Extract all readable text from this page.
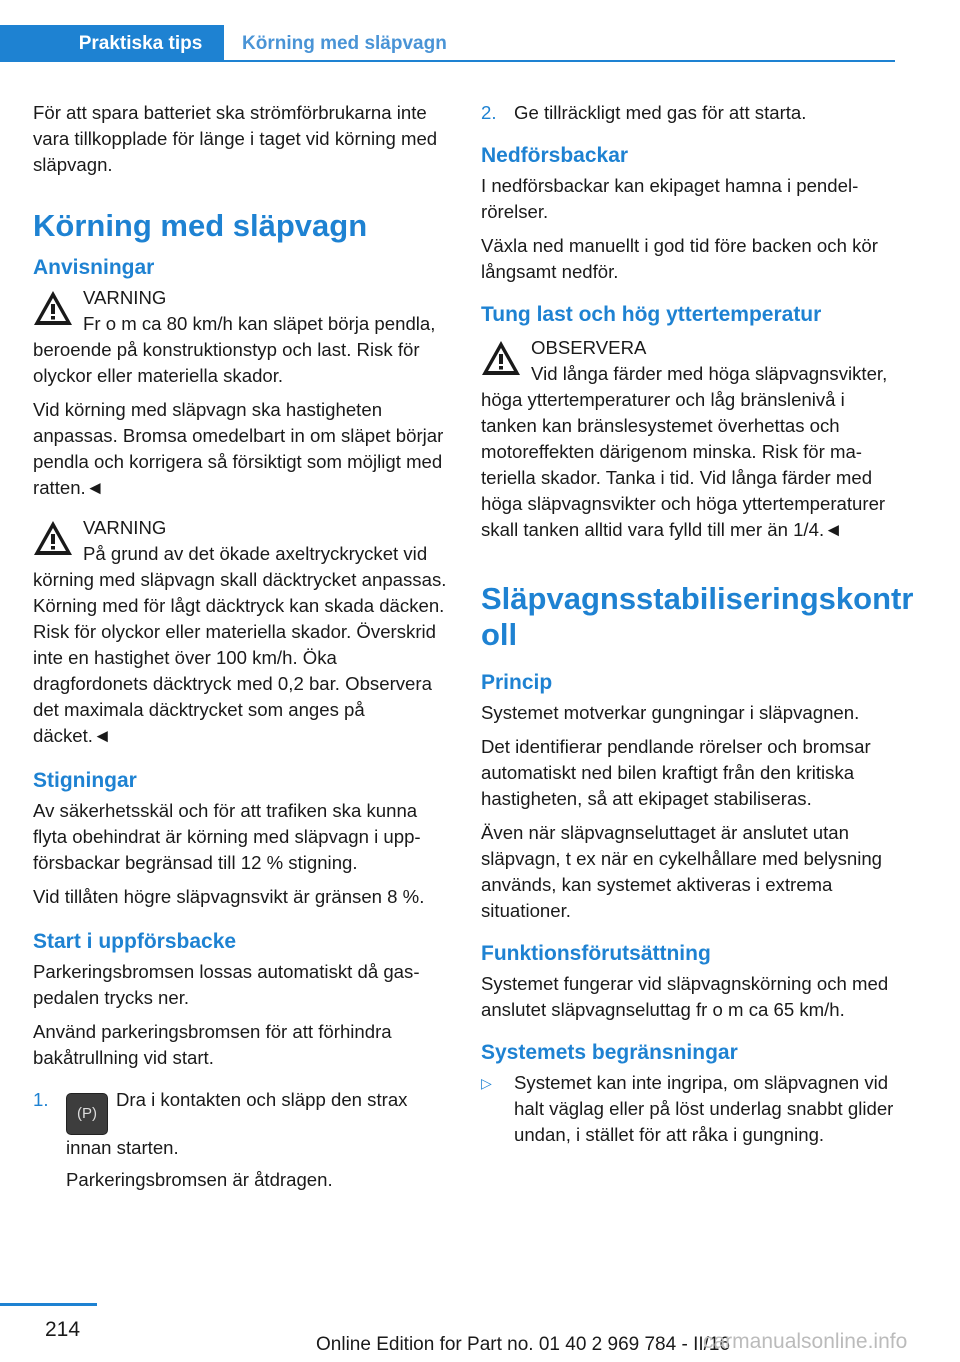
Praktiska tips	Körning med släpvagn

För att spara batteriet ska strömförbrukarna inte vara tillkopplade för länge i taget vid körning med släpvagn.

Körning med släpvagn
Anvisningar
VARNING
Fr o m ca 80 km/h kan släpet börja pendla, beroende på konstruktionstyp och last. Risk för olyckor eller materiella skador.

Vid körning med släpvagn ska hastigheten anpassas. Bromsa omedelbart in om släpet börjar pendla och korrigera så försiktigt som möjligt med ratten.◄

VARNING
På grund av det ökade axeltryckrycket vid körning med släpvagn skall däcktrycket anpassas. Körning med för lågt däcktryck kan skada däcken. Risk för olyckor eller materiella skador. Överskrid inte en hastighet över 100 km/h. Öka dragfordonets däcktryck med 0,2 bar. Observera det maximala däcktrycket som anges på däcket.◄
Stigningar

Av säkerhetsskäl och för att trafiken ska kunna flyta obehindrat är körning med släpvagn i uppförsbackar begränsad till 12 % stigning.

Vid tillåten högre släpvagnsvikt är gränsen 8 %.

Start i uppförsbacke

Parkeringsbromsen lossas automatiskt då gaspedalen trycks ner.

Använd parkeringsbromsen för att förhindra bakåtrullning vid start.

1.
(P)Dra i kontakten och släpp den strax innan starten.

Parkeringsbromsen är åtdragen.

2. Ge tillräckligt med gas för att starta.
Nedförsbackar

I nedförsbackar kan ekipaget hamna i pendelrörelser.

Växla ned manuellt i god tid före backen och kör långsamt nedför.

Tung last och hög yttertemperatur
OBSERVERA
Vid långa färder med höga släpvagnsvikter, höga yttertemperaturer och låg bränslenivå i tanken kan bränslesystemet överhettas och motoreffekten därigenom minska. Risk för materiella skador. Tanka i tid. Vid långa färder med höga släpvagnsvikter och höga yttertemperaturer skall tanken alltid vara fylld till mer än 1/4.◄
Släpvagnsstabiliseringskontr oll
Princip

Systemet motverkar gungningar i släpvagnen.

Det identifierar pendlande rörelser och bromsar automatiskt ned bilen kraftigt från den kritiska hastigheten, så att ekipaget stabiliseras.

Även när släpvagnseluttaget är anslutet utan släpvagn, t ex när en cykelhållare med belysning används, kan systemet aktiveras i extrema situationer.

Funktionsförutsättning

Systemet fungerar vid släpvagnskörning och med anslutet släpvagnseluttag fr o m ca 65 km/h.

Systemets begränsningar
▷	Systemet kan inte ingripa, om släpvagnen vid halt väglag eller på löst underlag snabbt glider undan, i stället för att råka i gungning.
214
Online Edition for Part no. 01 40 2 969 784 - II/16
carmanualsonline.info
